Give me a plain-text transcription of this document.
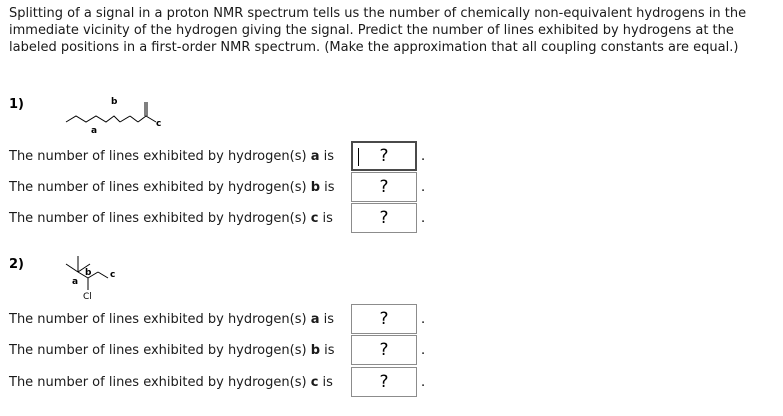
Splitting of a signal in a proton NMR spectrum tells us the number of chemically non-equivalent hydrogens in the immediate vicinity of the hydrogen giving the signal. Predict the number of lines exhibited by hydrogens at the labeled positions in a first-order NMR spectrum. (Make the approximation that all coupling constants are equal.)
1)	b
a
c
The number of lines exhibited by hydrogen(s) a is	? .
The number of lines exhibited by hydrogen(s) b is	? .
The number of lines exhibited by hydrogen(s) c is	? .
2)
b
a
c
Cl
The number of lines exhibited by hydrogen(s) a is	? .
The number of lines exhibited by hydrogen(s) b is	? .
The number of lines exhibited by hydrogen(s) c is	? .
